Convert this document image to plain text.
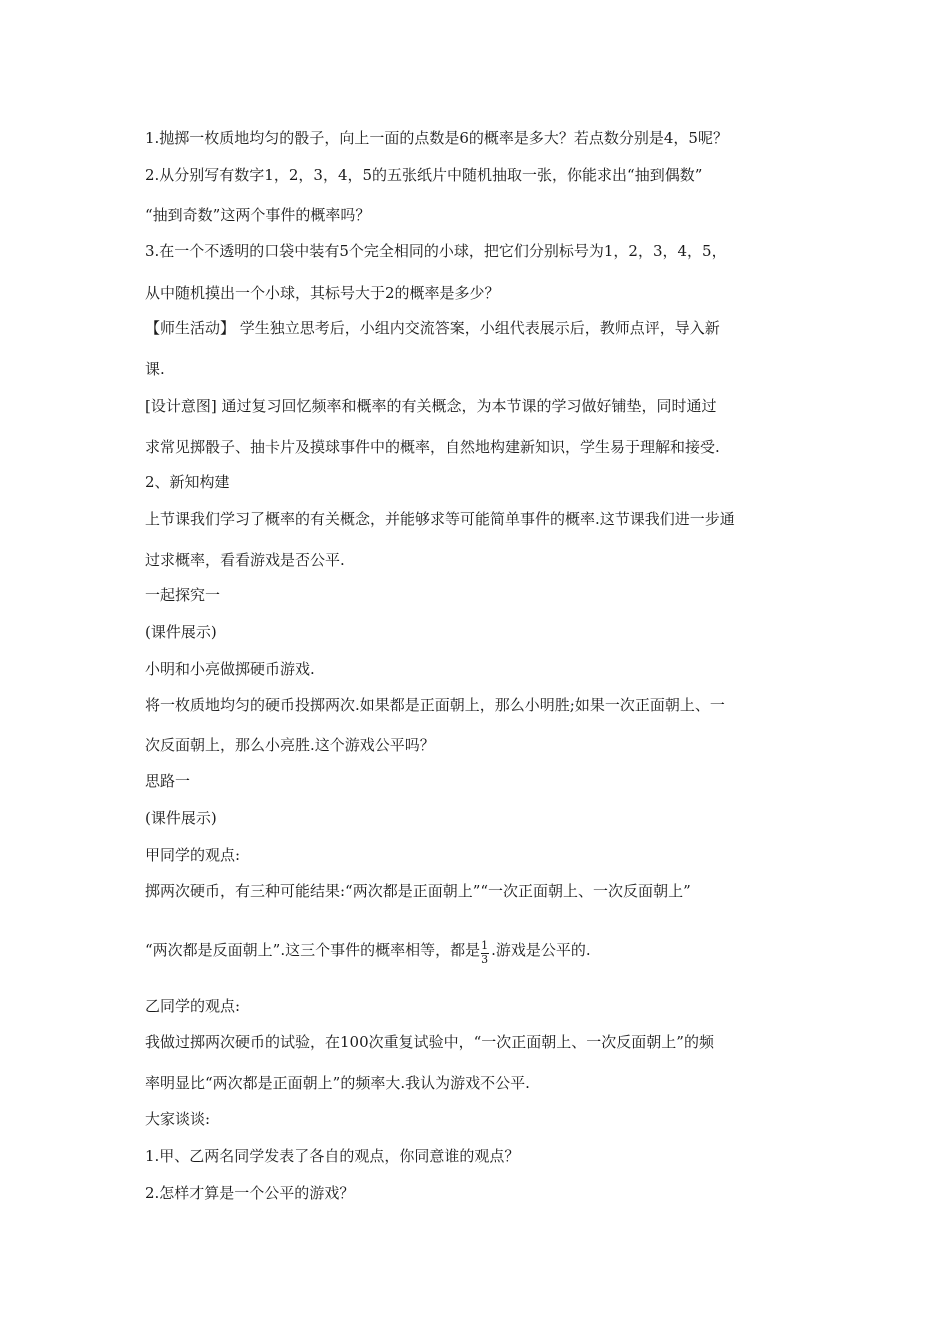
1.抛掷一枚质地均匀的骰子，向上一面的点数是6的概率是多大？若点数分别是4，5呢？
2.从分别写有数字1，2，3，4，5的五张纸片中随机抽取一张，你能求出“抽到偶数”
“抽到奇数”这两个事件的概率吗？
3.在一个不透明的口袋中装有5个完全相同的小球，把它们分别标号为1，2，3，4，5，
从中随机摸出一个小球，其标号大于2的概率是多少？
【师生活动】 学生独立思考后，小组内交流答案，小组代表展示后，教师点评，导入新
课.
[设计意图] 通过复习回忆频率和概率的有关概念，为本节课的学习做好铺垫，同时通过
求常见掷骰子、抽卡片及摸球事件中的概率，自然地构建新知识，学生易于理解和接受.
2、新知构建
上节课我们学习了概率的有关概念，并能够求等可能简单事件的概率.这节课我们进一步通
过求概率，看看游戏是否公平.
一起探究一
(课件展示)
小明和小亮做掷硬币游戏.
将一枚质地均匀的硬币投掷两次.如果都是正面朝上，那么小明胜;如果一次正面朝上、一
次反面朝上，那么小亮胜.这个游戏公平吗？
思路一
(课件展示)
甲同学的观点:
掷两次硬币，有三种可能结果:“两次都是正面朝上”“一次正面朝上、一次反面朝上”
“两次都是反面朝上”.这三个事件的概率相等，都是 $\frac{1}{3}$ .游戏是公平的.
乙同学的观点:
我做过掷两次硬币的试验，在100次重复试验中，“一次正面朝上、一次反面朝上”的频
率明显比“两次都是正面朝上”的频率大.我认为游戏不公平.
大家谈谈:
1.甲、乙两名同学发表了各自的观点，你同意谁的观点？
2.怎样才算是一个公平的游戏？
